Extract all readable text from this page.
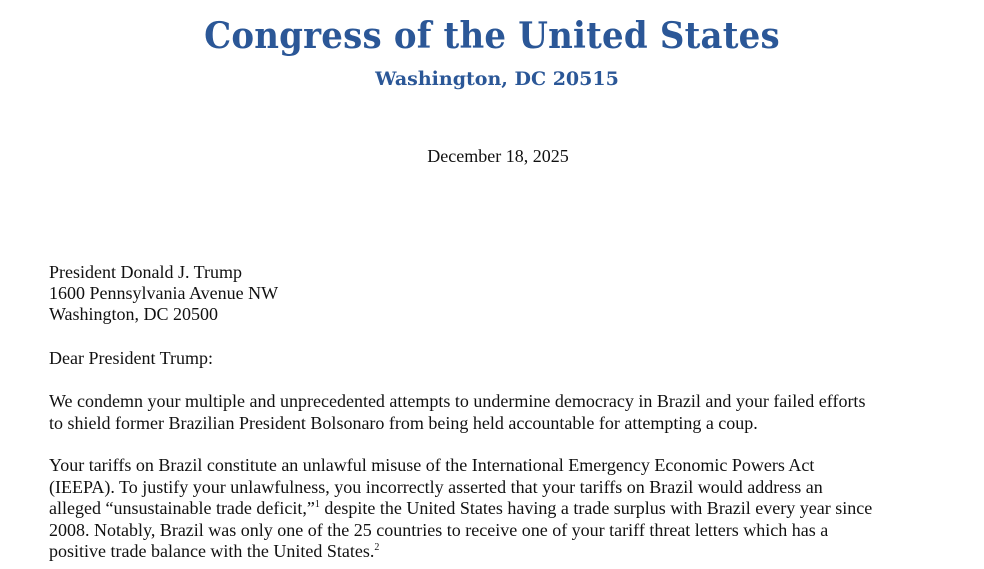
Congress of the United States
Washington, DC 20515
December 18, 2025
President Donald J. Trump
1600 Pennsylvania Avenue NW
Washington, DC 20500
Dear President Trump:
We condemn your multiple and unprecedented attempts to undermine democracy in Brazil and your failed efforts
to shield former Brazilian President Bolsonaro from being held accountable for attempting a coup.
Your tariffs on Brazil constitute an unlawful misuse of the International Emergency Economic Powers Act
(IEEPA). To justify your unlawfulness, you incorrectly asserted that your tariffs on Brazil would address an
alleged “unsustainable trade deficit,”$^1$ despite the United States having a trade surplus with Brazil every year since
2008. Notably, Brazil was only one of the 25 countries to receive one of your tariff threat letters which has a
positive trade balance with the United States.$^2$
